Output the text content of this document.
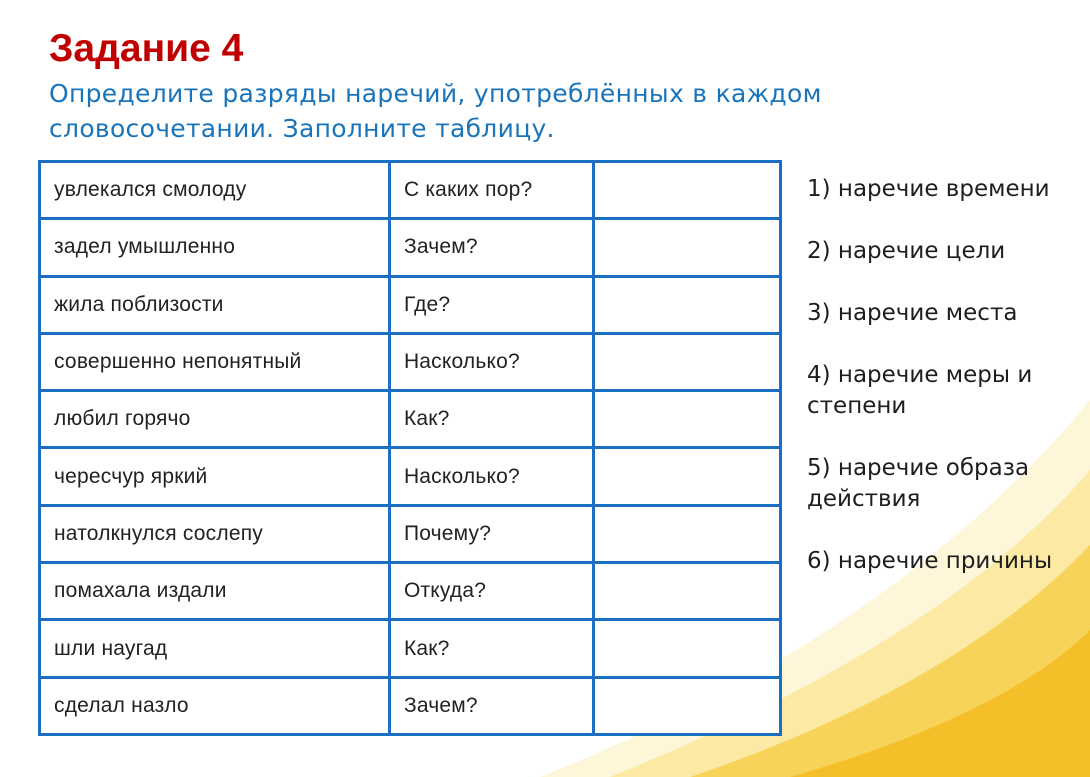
Задание 4

Определите разряды наречий, употреблённых в каждом словосочетании. Заполните таблицу.

увлекался смолоду	С каких пор?	
задел умышленно	Зачем?	
жила поблизости	Где?	
совершенно непонятный	Насколько?	
любил горячо	Как?	
чересчур яркий	Насколько?	
натолкнулся сослепу	Почему?	
помахала издали	Откуда?	
шли наугад	Как?	
сделал назло	Зачем?	
1) наречие времени
2) наречие цели
3) наречие места
4) наречие меры и степени
5) наречие образа действия
6) наречие причины
